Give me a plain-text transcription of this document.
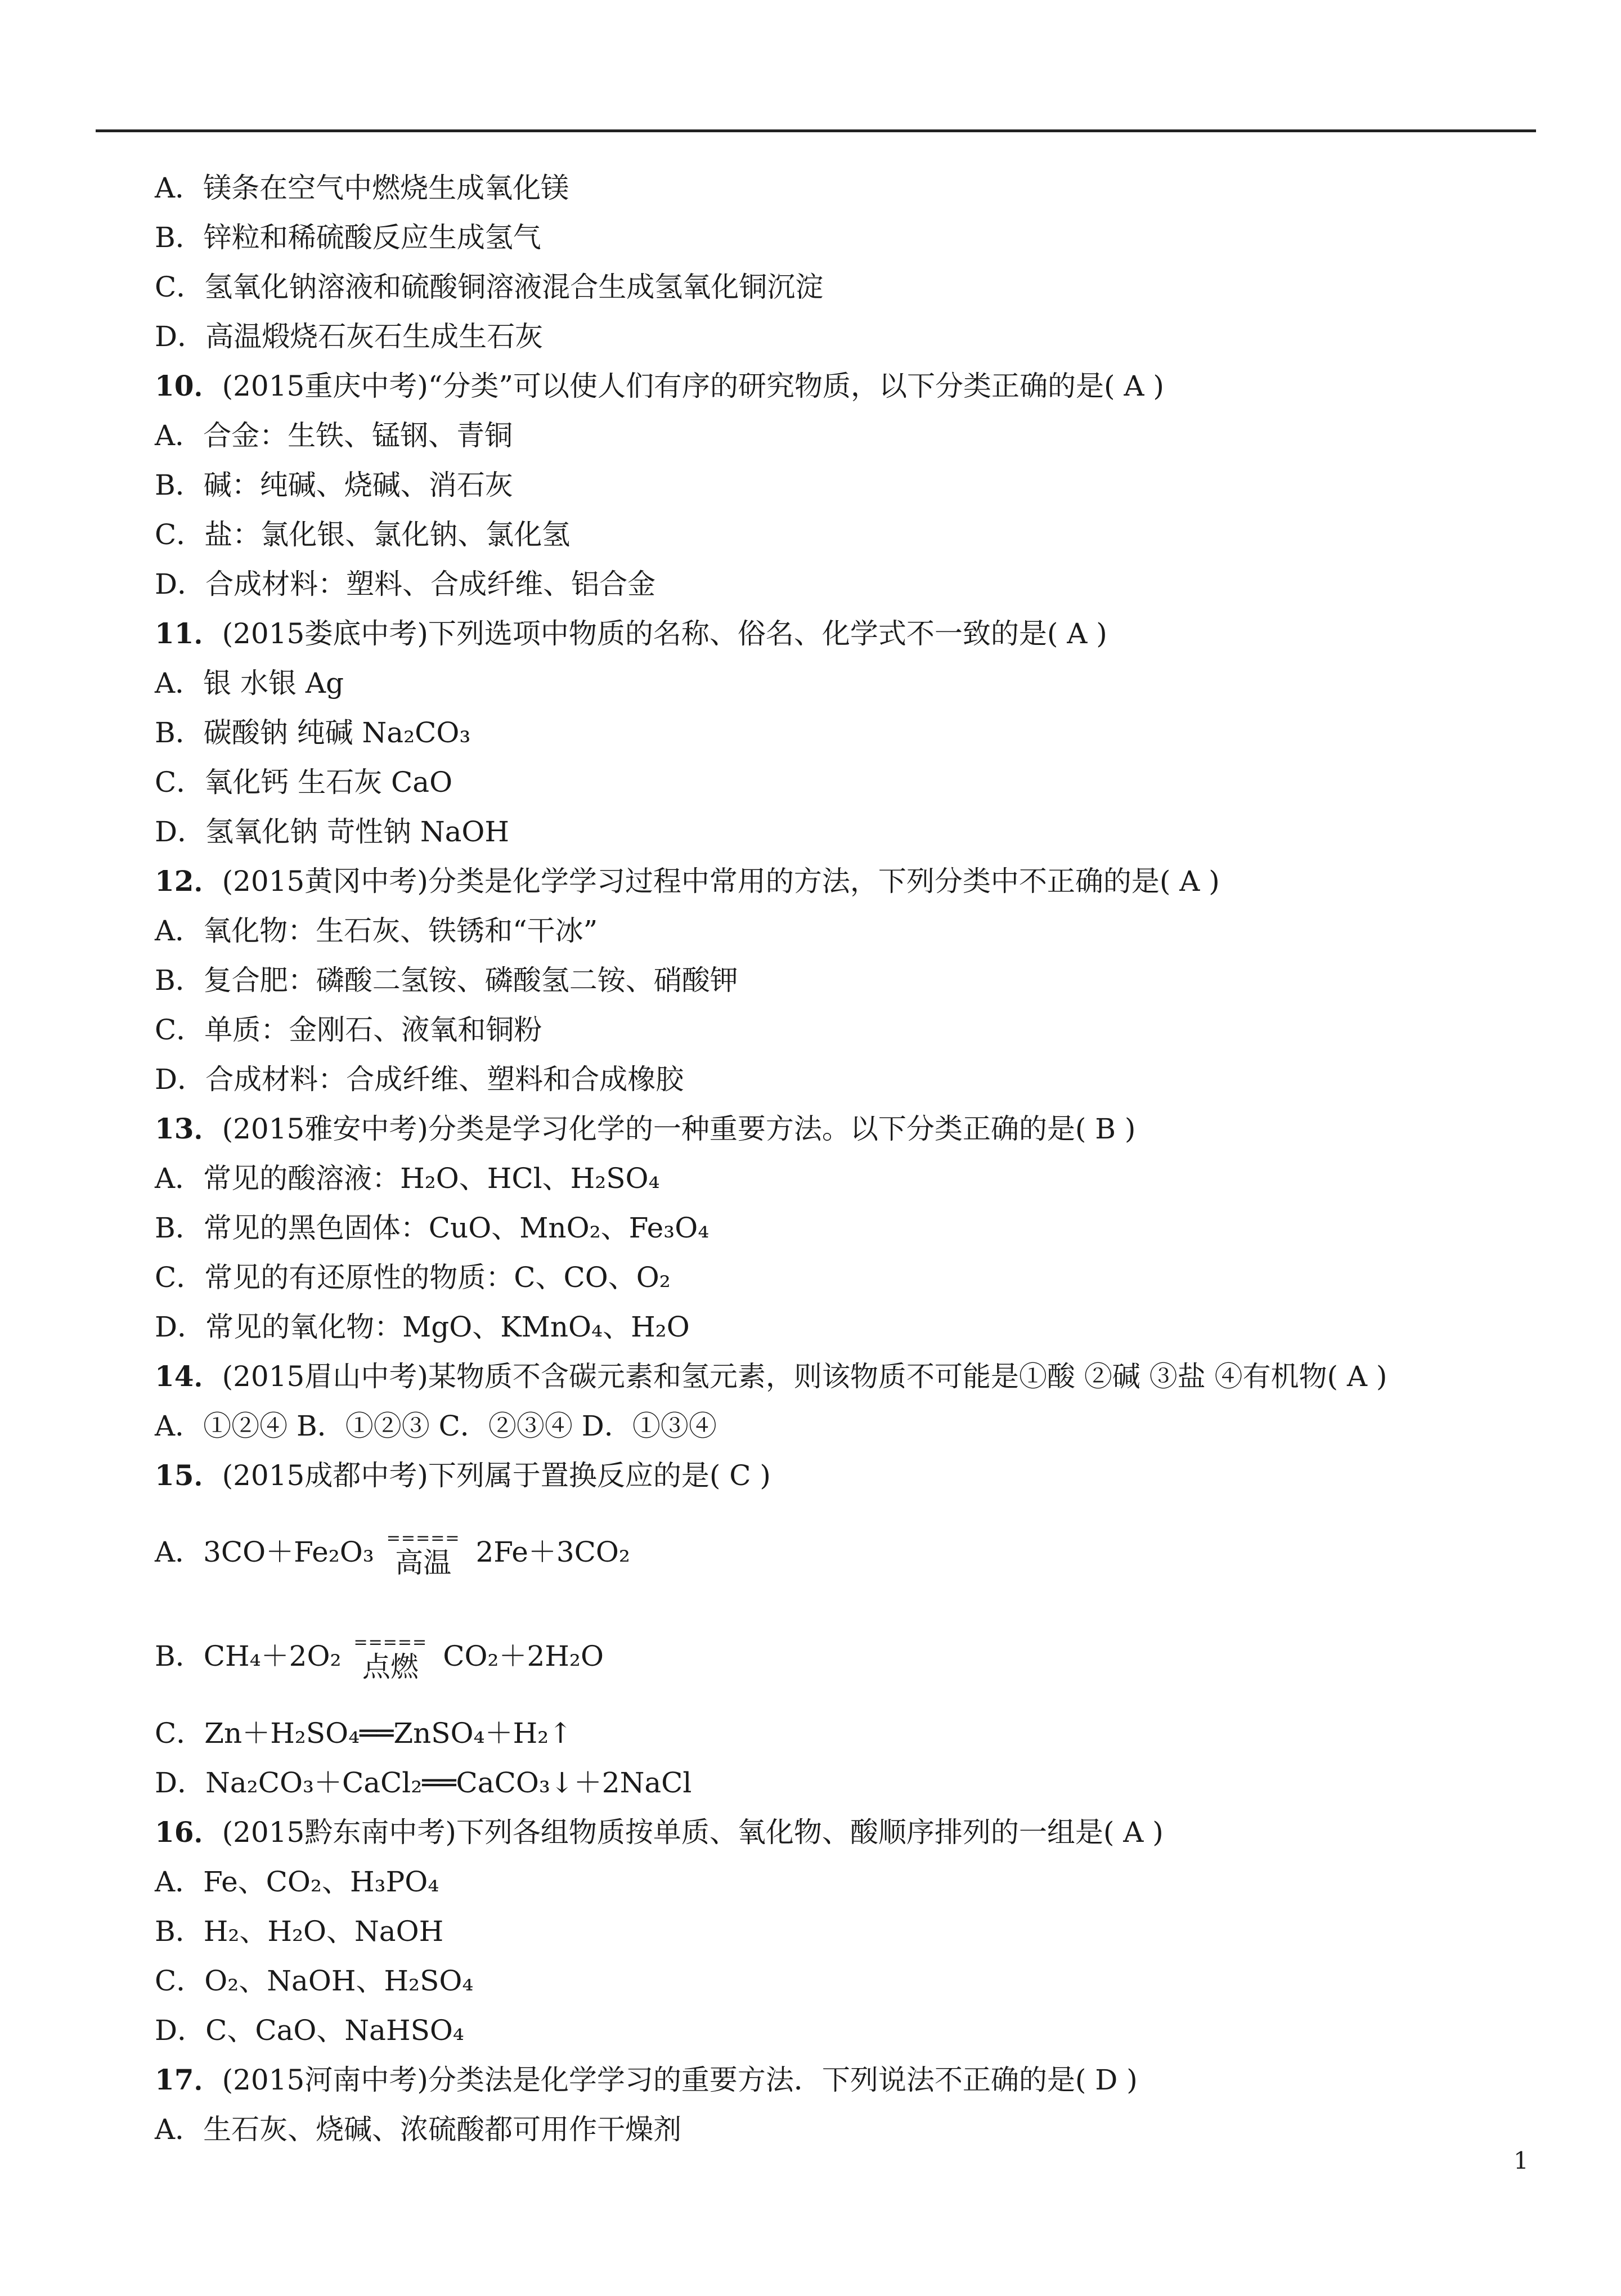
A．镁条在空气中燃烧生成氧化镁
B．锌粒和稀硫酸反应生成氢气
C．氢氧化钠溶液和硫酸铜溶液混合生成氢氧化铜沉淀
D．高温煅烧石灰石生成生石灰
10．(2015重庆中考)“分类”可以使人们有序的研究物质，以下分类正确的是( A )
A．合金：生铁、锰钢、青铜
B．碱：纯碱、烧碱、消石灰
C．盐：氯化银、氯化钠、氯化氢
D．合成材料：塑料、合成纤维、铝合金
11．(2015娄底中考)下列选项中物质的名称、俗名、化学式不一致的是( A )
A．银 水银 Ag
B．碳酸钠 纯碱 Na₂CO₃
C．氧化钙 生石灰 CaO
D．氢氧化钠 苛性钠 NaOH
12．(2015黄冈中考)分类是化学学习过程中常用的方法，下列分类中不正确的是( A )
A．氧化物：生石灰、铁锈和“干冰”
B．复合肥：磷酸二氢铵、磷酸氢二铵、硝酸钾
C．单质：金刚石、液氧和铜粉
D．合成材料：合成纤维、塑料和合成橡胶
13．(2015雅安中考)分类是学习化学的一种重要方法。以下分类正确的是( B )
A．常见的酸溶液：H₂O、HCl、H₂SO₄
B．常见的黑色固体：CuO、MnO₂、Fe₃O₄
C．常见的有还原性的物质：C、CO、O₂
D．常见的氧化物：MgO、KMnO₄、H₂O
14．(2015眉山中考)某物质不含碳元素和氢元素，则该物质不可能是①酸 ②碱 ③盐 ④有机物( A )
A．①②④ B．①②③ C．②③④ D．①③④
15．(2015成都中考)下列属于置换反应的是( C )
A．3CO＋Fe₂O₃ =====
高温 2Fe＋3CO₂
B．CH₄＋2O₂ =====
点燃 CO₂＋2H₂O
C．Zn＋H₂SO₄══ZnSO₄＋H₂↑
D．Na₂CO₃＋CaCl₂══CaCO₃↓＋2NaCl
16．(2015黔东南中考)下列各组物质按单质、氧化物、酸顺序排列的一组是( A )
A．Fe、CO₂、H₃PO₄
B．H₂、H₂O、NaOH
C．O₂、NaOH、H₂SO₄
D．C、CaO、NaHSO₄
17．(2015河南中考)分类法是化学学习的重要方法．下列说法不正确的是( D )
A．生石灰、烧碱、浓硫酸都可用作干燥剂
1
